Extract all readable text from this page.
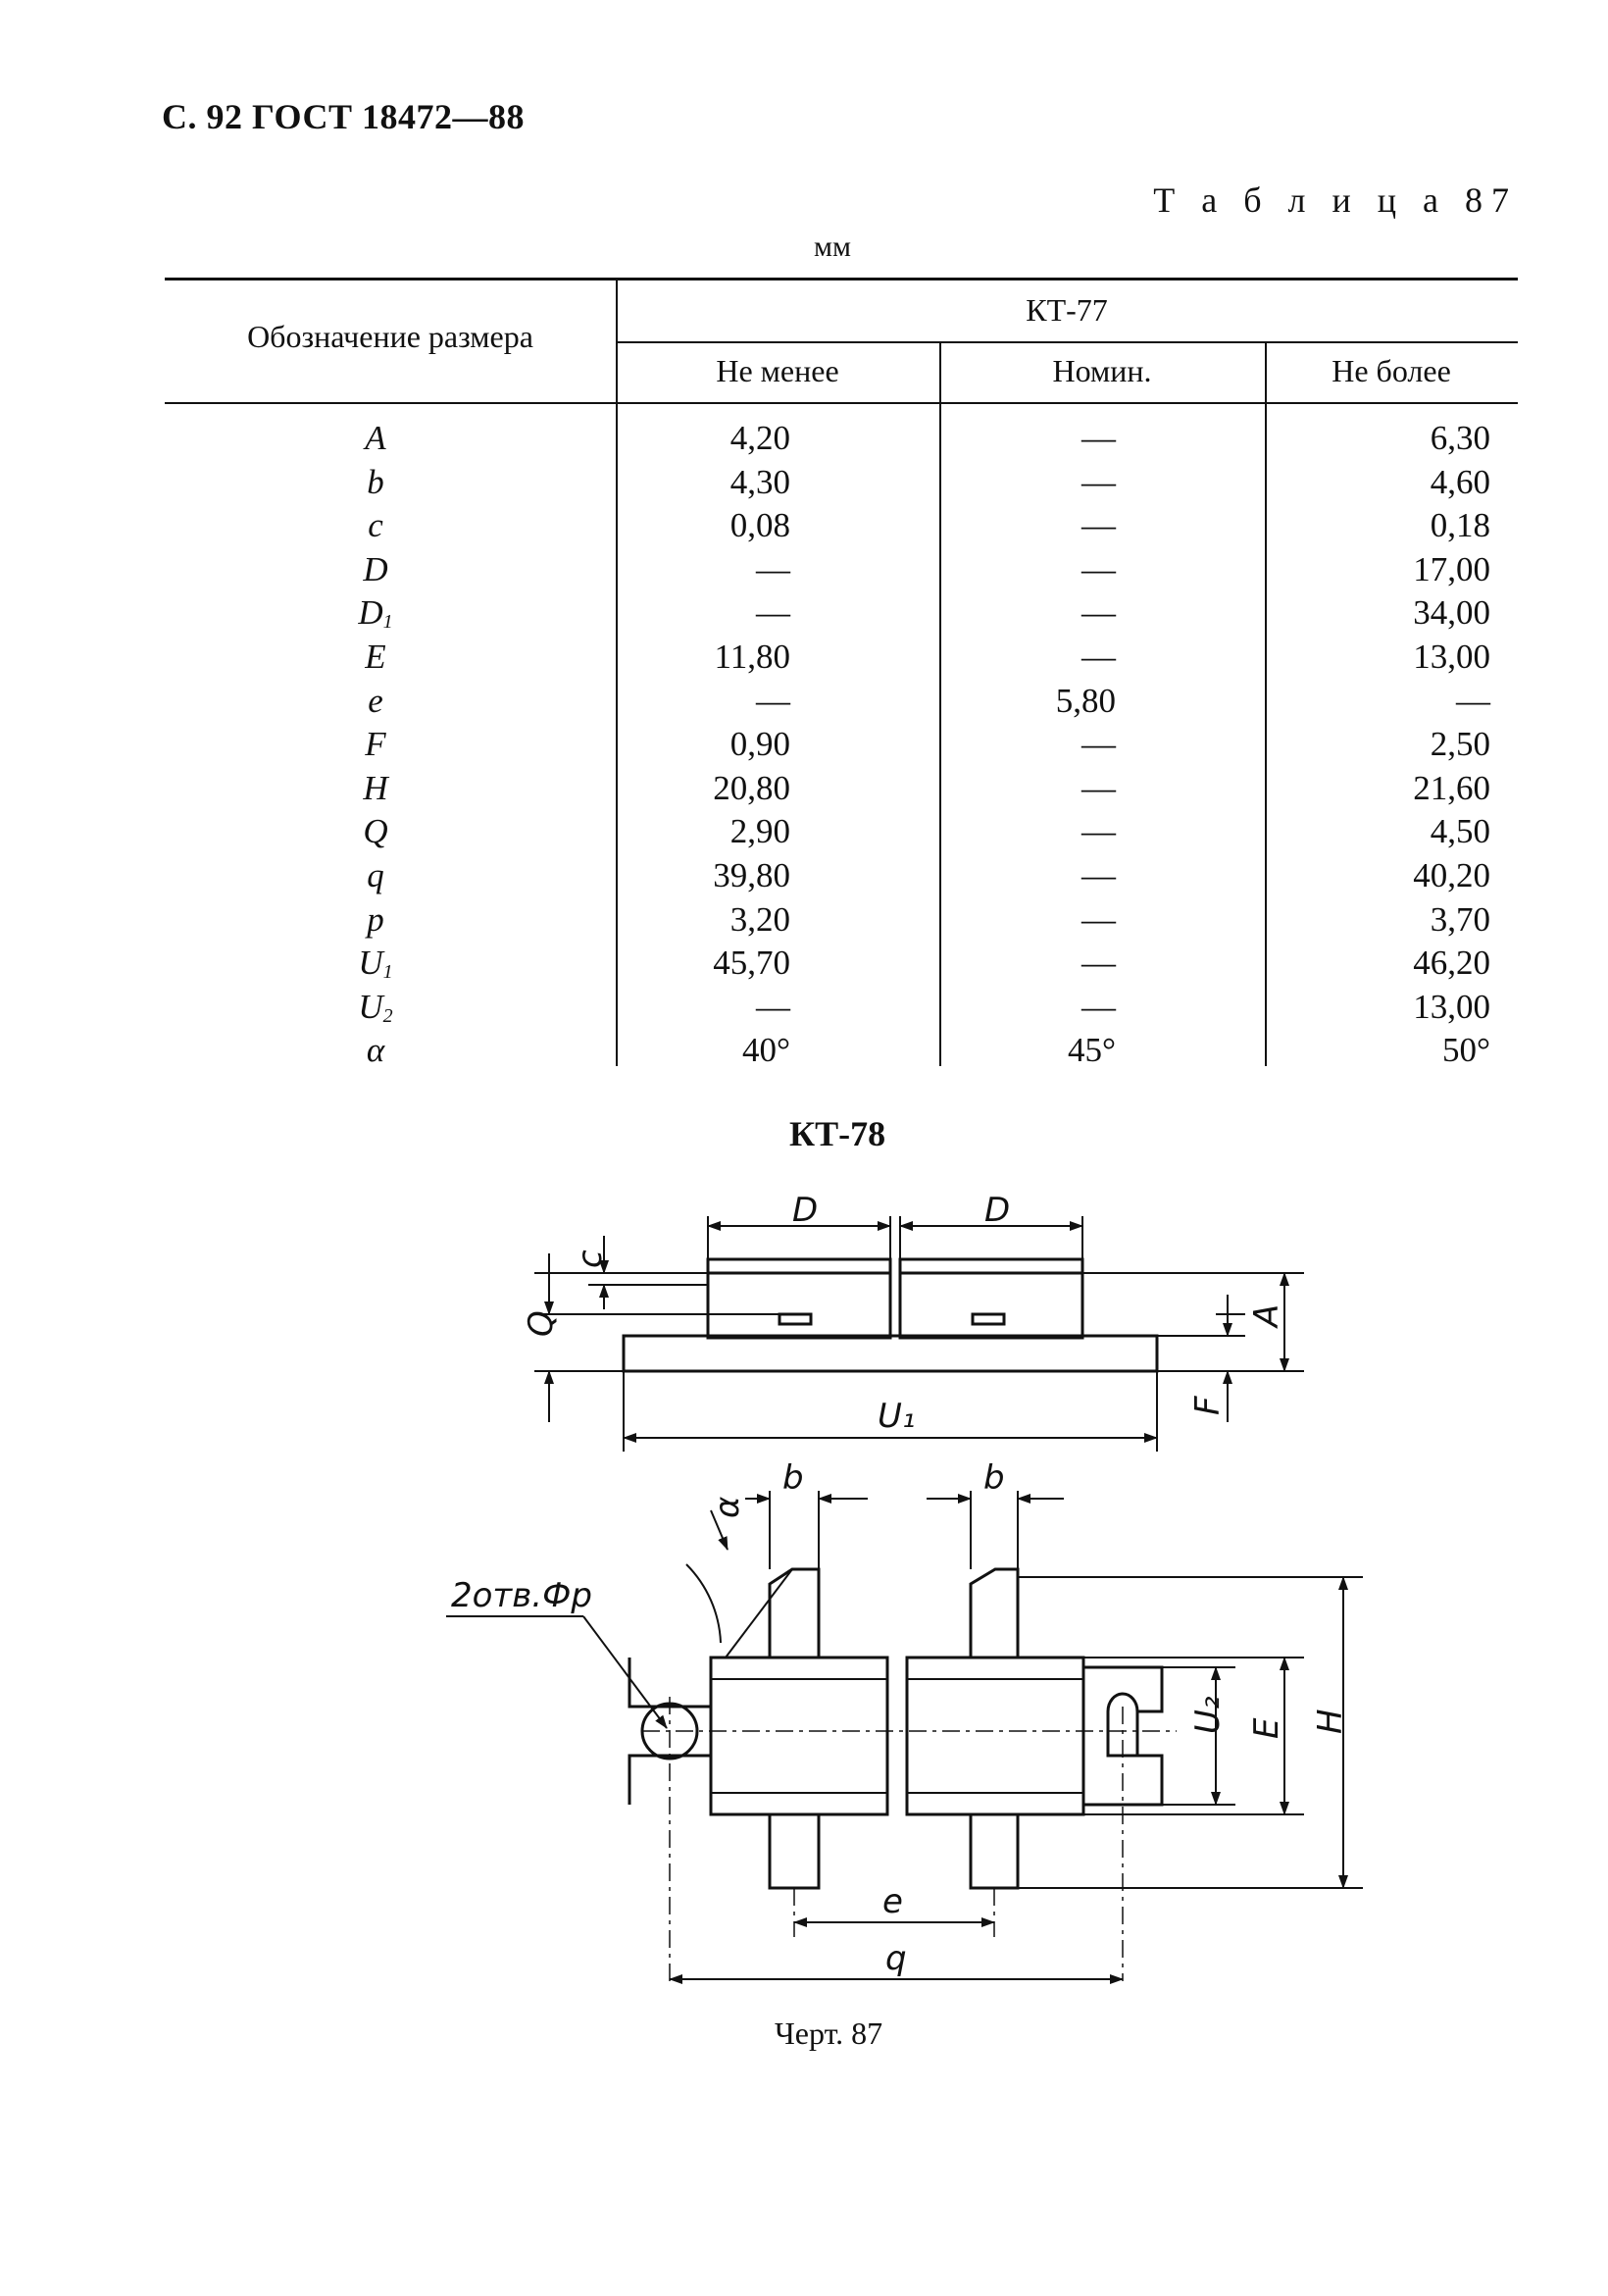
С. 92 ГОСТ 18472—88
Т а б л и ц а 87
мм
Обозначение размера
КТ-77
Не менее	Номин.	Не более
A	4,20	—	6,30
b	4,30	—	4,60
c	0,08	—	0,18
D	—	—	17,00
$D_1$	—	—	34,00
E	11,80	—	13,00
e	—	5,80	—
F	0,90	—	2,50
H	20,80	—	21,60
Q	2,90	—	4,50
q	39,80	—	40,20
p	3,20	—	3,70
$U_1$	45,70	—	46,20
$U_2$	—	—	13,00
α	40°	45°	50°
КТ-78
D	D
c
Q	A
F
U₁
b	b
α
2отв.Фр
U₂ E H
e
q
Черт. 87
